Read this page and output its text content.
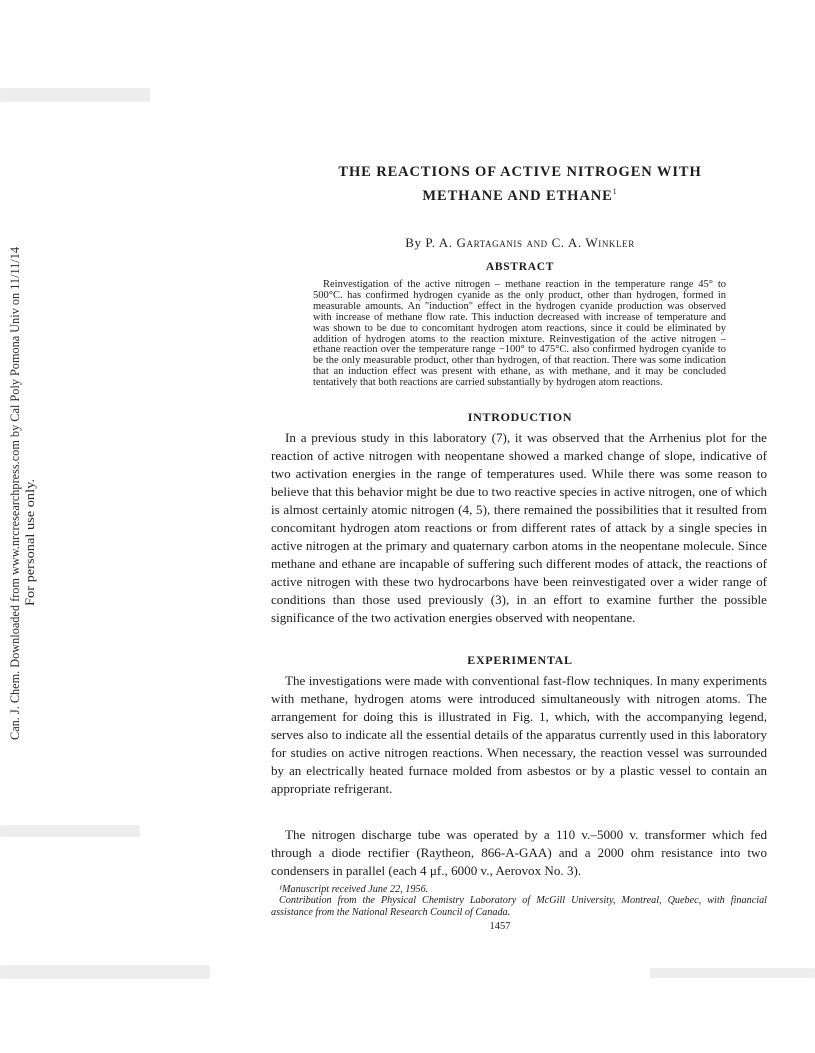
Can. J. Chem. Downloaded from www.nrcresearchpress.com by Cal Poly Pomona Univ on 11/11/14 For personal use only.
THE REACTIONS OF ACTIVE NITROGEN WITH
METHANE AND ETHANE$^1$

By P. A. Gartaganis and C. A. Winkler

ABSTRACT

Reinvestigation of the active nitrogen – methane reaction in the temperature range 45° to 500°C. has confirmed hydrogen cyanide as the only product, other than hydrogen, formed in measurable amounts. An "induction" effect in the hydrogen cyanide production was observed with increase of methane flow rate. This induction decreased with increase of temperature and was shown to be due to concomitant hydrogen atom reactions, since it could be eliminated by addition of hydrogen atoms to the reaction mixture. Reinvestigation of the active nitrogen – ethane reaction over the temperature range −100° to 475°C. also confirmed hydrogen cyanide to be the only measurable product, other than hydrogen, of that reaction. There was some indication that an induction effect was present with ethane, as with methane, and it may be concluded tentatively that both reactions are carried substantially by hydrogen atom reactions.

INTRODUCTION

In a previous study in this laboratory (7), it was observed that the Arrhenius plot for the reaction of active nitrogen with neopentane showed a marked change of slope, indicative of two activation energies in the range of temperatures used. While there was some reason to believe that this behavior might be due to two reactive species in active nitrogen, one of which is almost certainly atomic nitrogen (4, 5), there remained the possibilities that it resulted from concomitant hydrogen atom reactions or from different rates of attack by a single species in active nitrogen at the primary and quaternary carbon atoms in the neopentane molecule. Since methane and ethane are incapable of suffering such different modes of attack, the reactions of active nitrogen with these two hydrocarbons have been reinvestigated over a wider range of conditions than those used previously (3), in an effort to examine further the possible significance of the two activation energies observed with neopentane.

EXPERIMENTAL

The investigations were made with conventional fast-flow techniques. In many experiments with methane, hydrogen atoms were introduced simultaneously with nitrogen atoms. The arrangement for doing this is illustrated in Fig. 1, which, with the accompanying legend, serves also to indicate all the essential details of the apparatus currently used in this laboratory for studies on active nitrogen reactions. When necessary, the reaction vessel was surrounded by an electrically heated furnace molded from asbestos or by a plastic vessel to contain an appropriate refrigerant.

The nitrogen discharge tube was operated by a 110 v.–5000 v. transformer which fed through a diode rectifier (Raytheon, 866-A-GAA) and a 2000 ohm resistance into two condensers in parallel (each 4 μf., 6000 v., Aerovox No. 3).

¹Manuscript received June 22, 1956.

Contribution from the Physical Chemistry Laboratory of McGill University, Montreal, Quebec, with financial assistance from the National Research Council of Canada.

1457
